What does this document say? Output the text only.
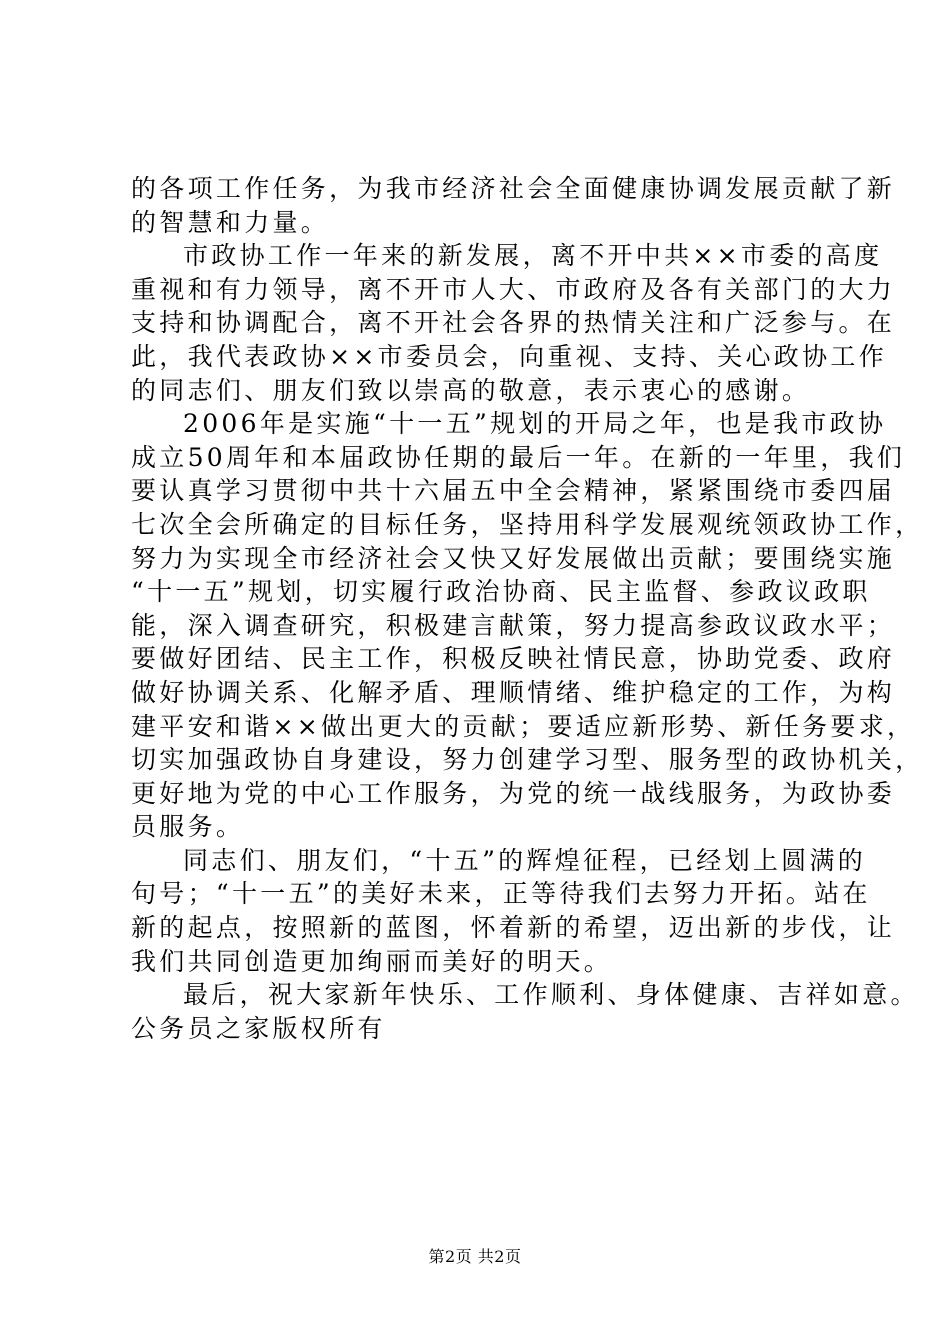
的各项工作任务，为我市经济社会全面健康协调发展贡献了新
的智慧和力量。
市政协工作一年来的新发展，离不开中共××市委的高度
重视和有力领导，离不开市人大、市政府及各有关部门的大力
支持和协调配合，离不开社会各界的热情关注和广泛参与。在
此，我代表政协××市委员会，向重视、支持、关心政协工作
的同志们、朋友们致以崇高的敬意，表示衷心的感谢。
2006年是实施“十一五”规划的开局之年，也是我市政协
成立50周年和本届政协任期的最后一年。在新的一年里，我们
要认真学习贯彻中共十六届五中全会精神，紧紧围绕市委四届
七次全会所确定的目标任务，坚持用科学发展观统领政协工作，
努力为实现全市经济社会又快又好发展做出贡献；要围绕实施
“十一五”规划，切实履行政治协商、民主监督、参政议政职
能，深入调查研究，积极建言献策，努力提高参政议政水平；
要做好团结、民主工作，积极反映社情民意，协助党委、政府
做好协调关系、化解矛盾、理顺情绪、维护稳定的工作，为构
建平安和谐××做出更大的贡献；要适应新形势、新任务要求，
切实加强政协自身建设，努力创建学习型、服务型的政协机关，
更好地为党的中心工作服务，为党的统一战线服务，为政协委
员服务。
同志们、朋友们，“十五”的辉煌征程，已经划上圆满的
句号；“十一五”的美好未来，正等待我们去努力开拓。站在
新的起点，按照新的蓝图，怀着新的希望，迈出新的步伐，让
我们共同创造更加绚丽而美好的明天。
最后，祝大家新年快乐、工作顺利、身体健康、吉祥如意。
公务员之家版权所有
第2页 共2页
